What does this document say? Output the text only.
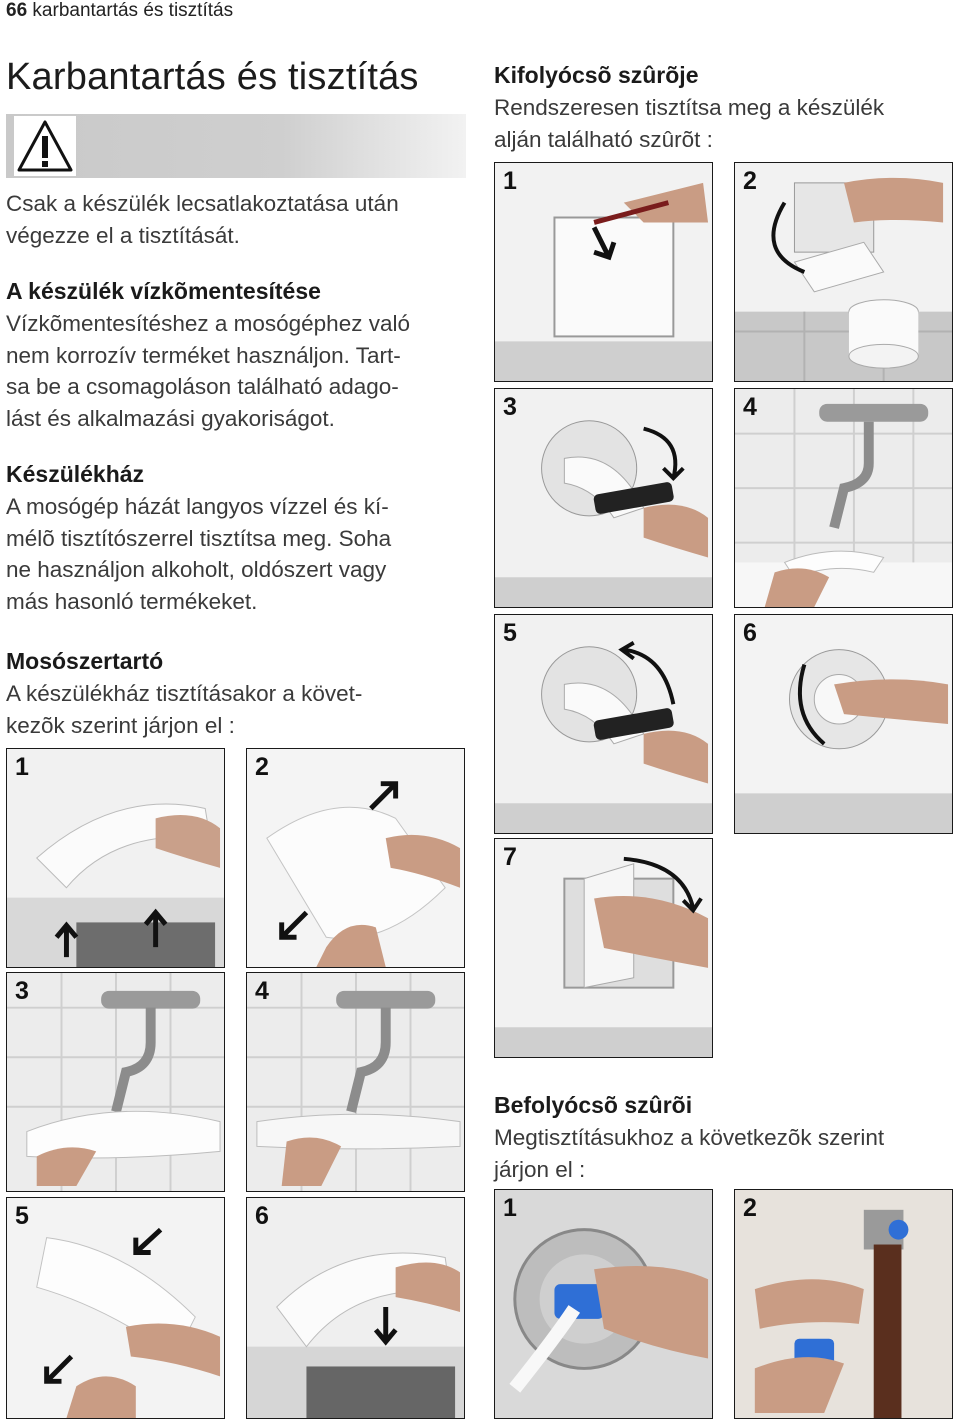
66 karbantartás és tisztítás
Karbantartás és tisztítás
Csak a készülék lecsatlakoztatása után
végezze el a tisztítását.
A készülék vízkõmentesítése
Vízkõmentesítéshez a mosógéphez való
nem korrozív terméket használjon. Tart-
sa be a csomagoláson található adago-
lást és alkalmazási gyakoriságot.
Készülékház
A mosógép házát langyos vízzel és kí-
mélõ tisztítószerrel tisztítsa meg. Soha
ne használjon alkoholt, oldószert vagy
más hasonló termékeket.
Mosószertartó
A készülékház tisztításakor a követ-
kezõk szerint járjon el :
1	2
3	4
5	6
Kifolyócsõ szûrõje
Rendszeresen tisztítsa meg a készülék
alján található szûrõt :
1	2
3	4
5	6
7
Befolyócsõ szûrõi
Megtisztításukhoz a következõk szerint
járjon el :
1	2
